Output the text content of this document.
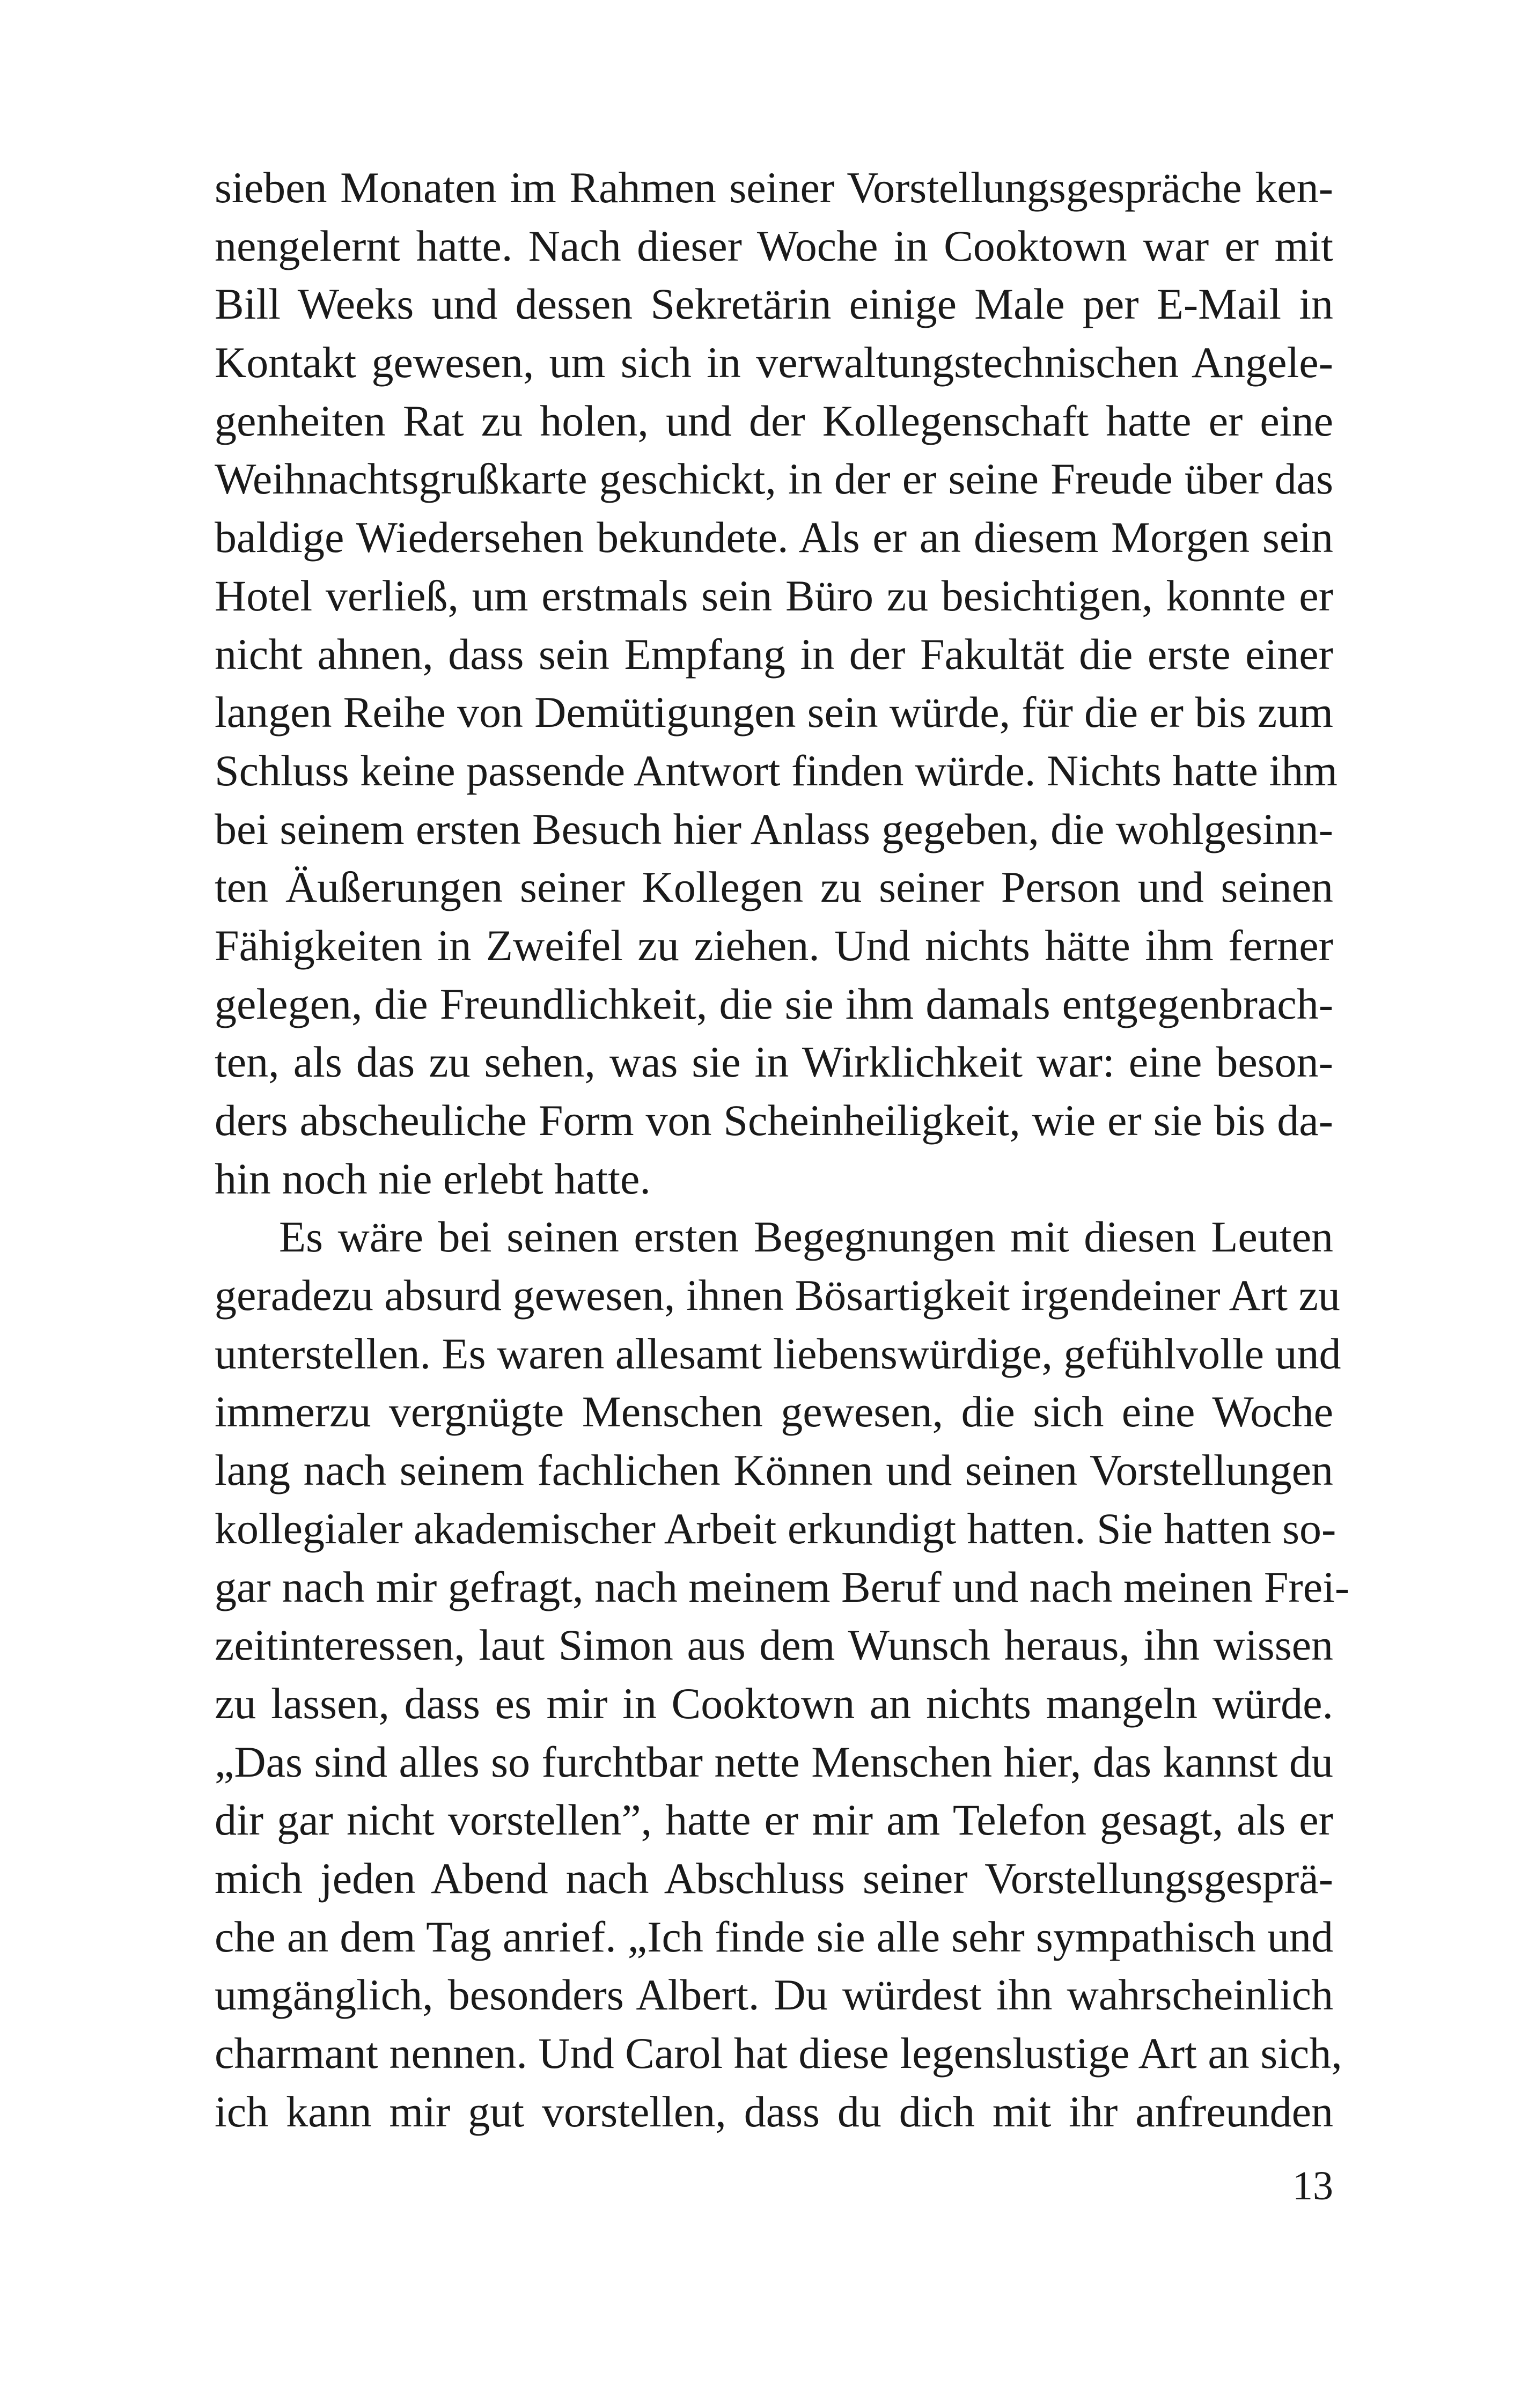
sieben Monaten im Rahmen seiner Vorstellungsgespräche ken-
nengelernt hatte. Nach dieser Woche in Cooktown war er mit
Bill Weeks und dessen Sekretärin einige Male per E-Mail in
Kontakt gewesen, um sich in verwaltungstechnischen Angele-
genheiten Rat zu holen, und der Kollegenschaft hatte er eine
Weihnachtsgrußkarte geschickt, in der er seine Freude über das
baldige Wiedersehen bekundete. Als er an diesem Morgen sein
Hotel verließ, um erstmals sein Büro zu besichtigen, konnte er
nicht ahnen, dass sein Empfang in der Fakultät die erste einer
langen Reihe von Demütigungen sein würde, für die er bis zum
Schluss keine passende Antwort finden würde. Nichts hatte ihm
bei seinem ersten Besuch hier Anlass gegeben, die wohlgesinn-
ten Äußerungen seiner Kollegen zu seiner Person und seinen
Fähigkeiten in Zweifel zu ziehen. Und nichts hätte ihm ferner
gelegen, die Freundlichkeit, die sie ihm damals entgegenbrach-
ten, als das zu sehen, was sie in Wirklichkeit war: eine beson-
ders abscheuliche Form von Scheinheiligkeit, wie er sie bis da-
hin noch nie erlebt hatte.
Es wäre bei seinen ersten Begegnungen mit diesen Leuten
geradezu absurd gewesen, ihnen Bösartigkeit irgendeiner Art zu
unterstellen. Es waren allesamt liebenswürdige, gefühlvolle und
immerzu vergnügte Menschen gewesen, die sich eine Woche
lang nach seinem fachlichen Können und seinen Vorstellungen
kollegialer akademischer Arbeit erkundigt hatten. Sie hatten so-
gar nach mir gefragt, nach meinem Beruf und nach meinen Frei-
zeitinteressen, laut Simon aus dem Wunsch heraus, ihn wissen
zu lassen, dass es mir in Cooktown an nichts mangeln würde.
„Das sind alles so furchtbar nette Menschen hier, das kannst du
dir gar nicht vorstellen”, hatte er mir am Telefon gesagt, als er
mich jeden Abend nach Abschluss seiner Vorstellungsgesprä-
che an dem Tag anrief. „Ich finde sie alle sehr sympathisch und
umgänglich, besonders Albert. Du würdest ihn wahrscheinlich
charmant nennen. Und Carol hat diese legenslustige Art an sich,
ich kann mir gut vorstellen, dass du dich mit ihr anfreunden
13
